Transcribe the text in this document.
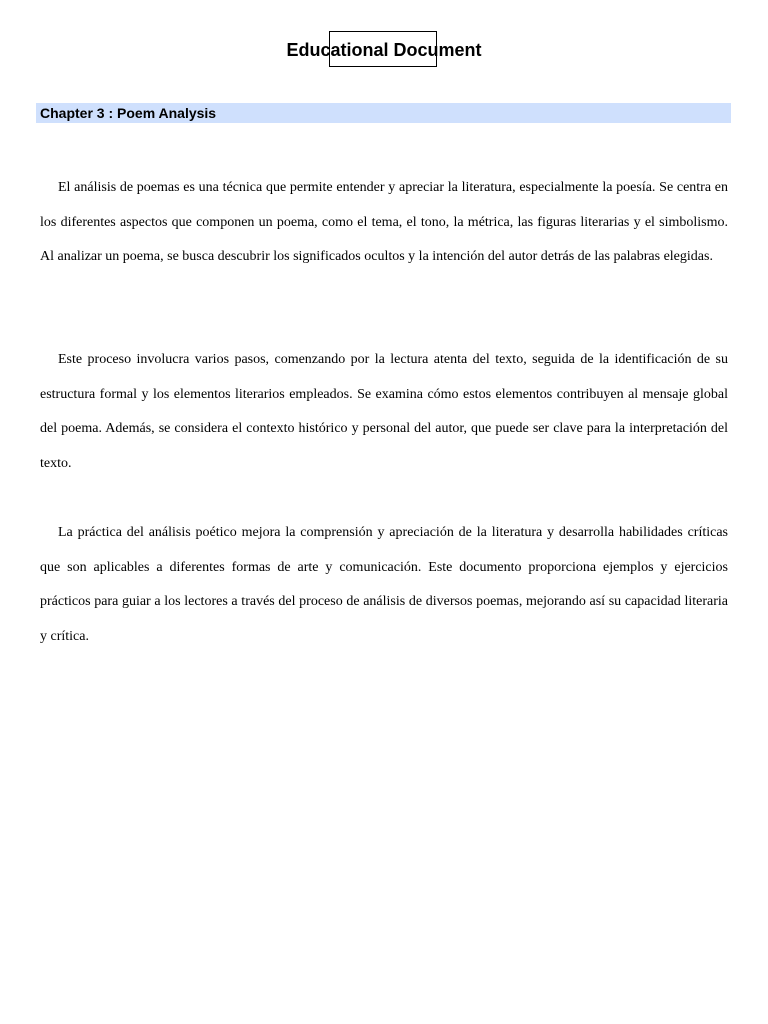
Educational Document
Chapter 3 : Poem Analysis

El análisis de poemas es una técnica que permite entender y apreciar la literatura, especialmente la poesía. Se centra en los diferentes aspectos que componen un poema, como el tema, el tono, la métrica, las figuras literarias y el simbolismo. Al analizar un poema, se busca descubrir los significados ocultos y la intención del autor detrás de las palabras elegidas.

Este proceso involucra varios pasos, comenzando por la lectura atenta del texto, seguida de la identificación de su estructura formal y los elementos literarios empleados. Se examina cómo estos elementos contribuyen al mensaje global del poema. Además, se considera el contexto histórico y personal del autor, que puede ser clave para la interpretación del texto.

La práctica del análisis poético mejora la comprensión y apreciación de la literatura y desarrolla habilidades críticas que son aplicables a diferentes formas de arte y comunicación. Este documento proporciona ejemplos y ejercicios prácticos para guiar a los lectores a través del proceso de análisis de diversos poemas, mejorando así su capacidad literaria y crítica.
